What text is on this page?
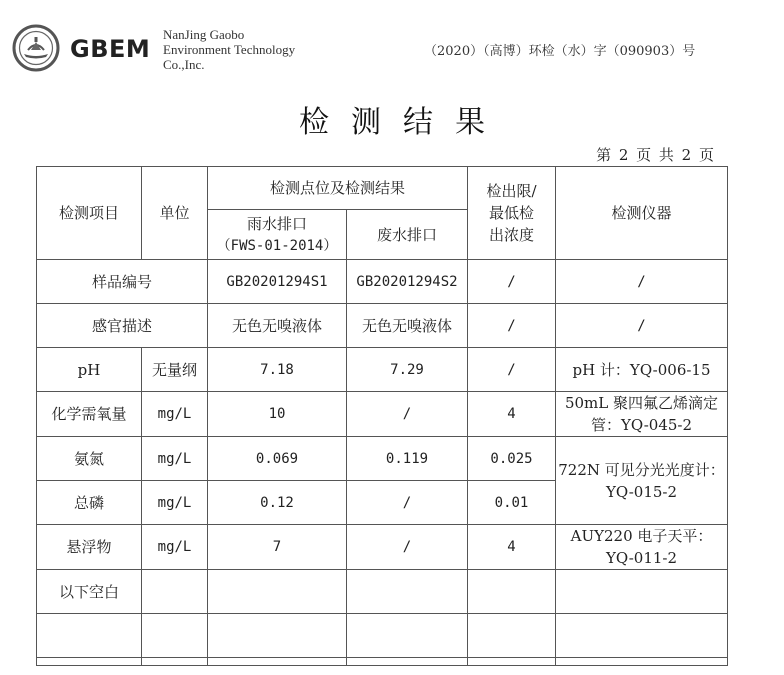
GBEM
NanJing Gaobo
Environment Technology
Co.,Inc.
（2020）（高博）环检（水）字（090903）号
检测结果
第 2 页 共 2 页
检测项目	单位	检测点位及检测结果		检出限/
最低检
出浓度	检测仪器

		雨水排口
（FWS-01-2014）	废水排口		
样品编号		GB20201294S1	GB20201294S2	/	/
感官描述		无色无嗅液体	无色无嗅液体	/	/
pH	无量纲	7.18	7.29	/	pH 计：YQ-006-15

化学需氧量	mg/L	10	/	4	50mL 聚四氟乙烯滴定
管：YQ-045-2

氨氮	mg/L	0.069	0.119	0.025	722N 可见分光光度计：
YQ-015-2

总磷	mg/L	0.12	/	0.01	
悬浮物	mg/L	7	/	4	AUY220 电子天平：
YQ-011-2

以下空白					
